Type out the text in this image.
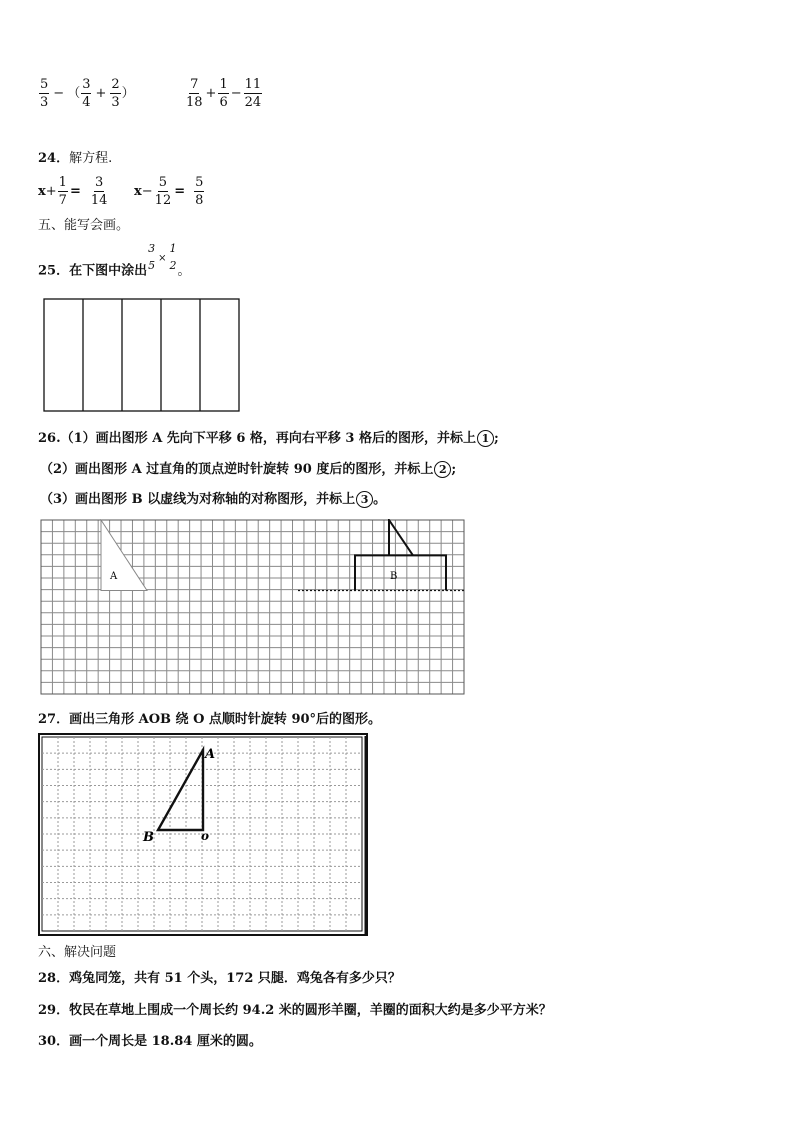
$\frac{5}{3}$ − （ $\frac{3}{4} + \frac{2}{3}$ ）	$\frac{7}{18} + \frac{1}{6} - \frac{11}{24}$
24．解方程.
$x+ \frac{1}{7} = \frac{3}{14} x- \frac{5}{12} = \frac{5}{8}$
五、能写会画。
25．在下图中涂出
3
5
×
1
2 。
26.（1）画出图形 A 先向下平移 6 格，再向右平移 3 格后的图形，并标上 1 ;
（2）画出图形 A 过直角的顶点逆时针旋转 90 度后的图形，并标上 2 ;
（3）画出图形 B 以虚线为对称轴的对称图形，并标上 3 。
A	B
27．画出三角形 AOB 绕 O 点顺时针旋转 90°后的图形。
A
B	o
六、解决问题
28．鸡兔同笼，共有 51 个头，172 只腿．鸡兔各有多少只？
29．牧民在草地上围成一个周长约 94.2 米的圆形羊圈，羊圈的面积大约是多少平方米？
30．画一个周长是 18.84 厘米的圆。
